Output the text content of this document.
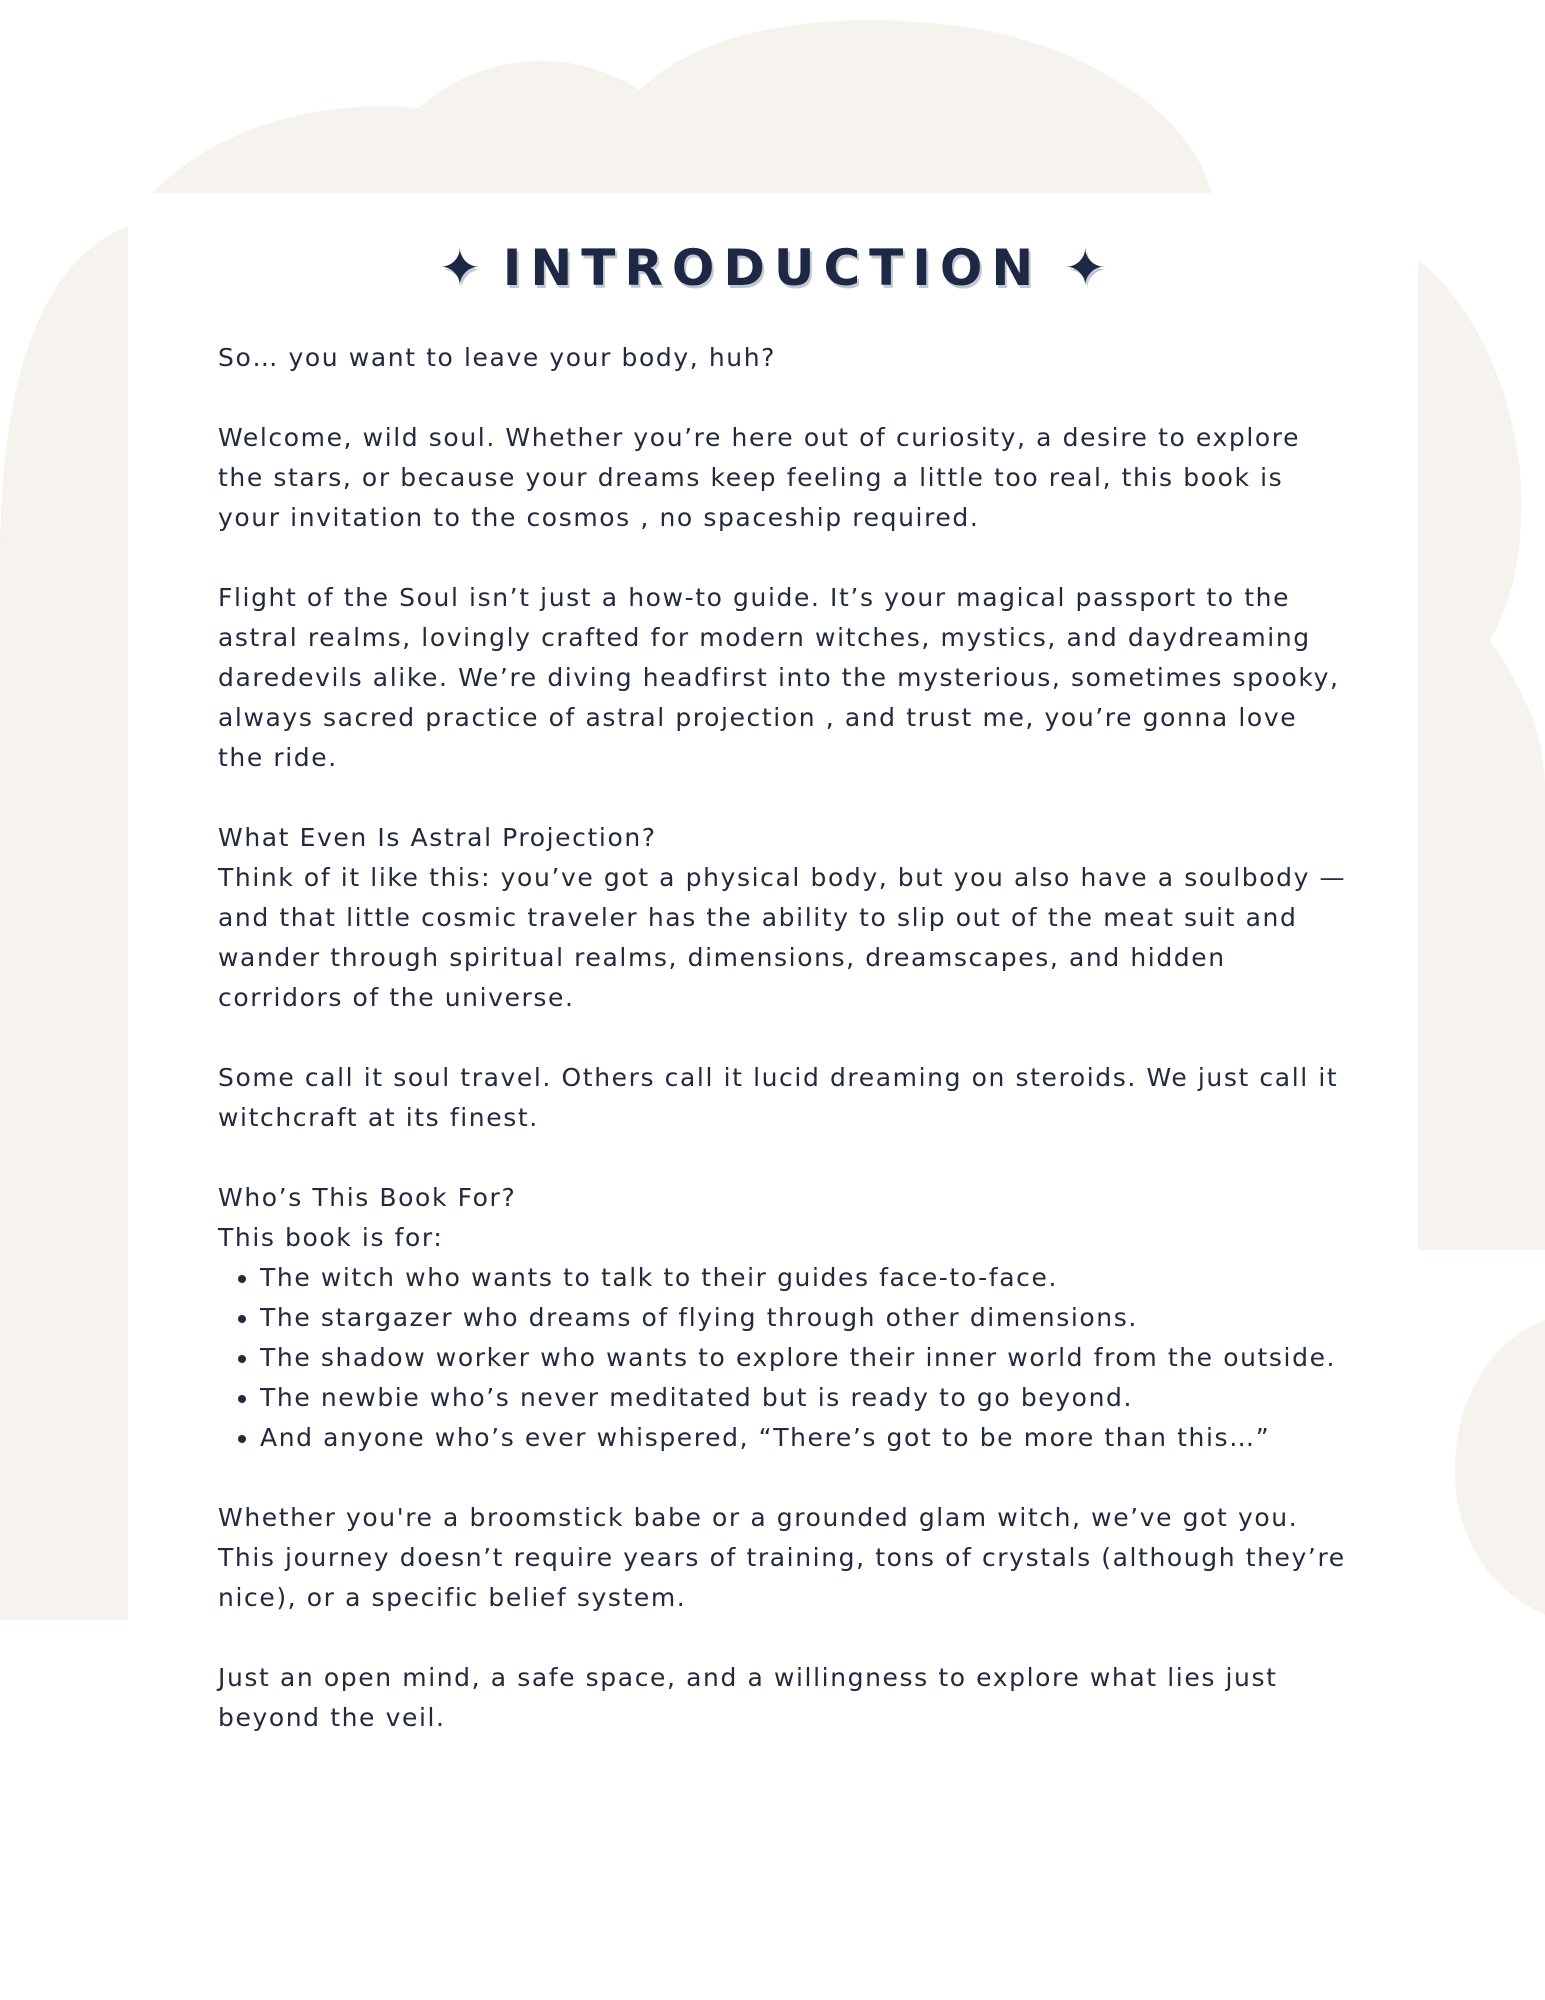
✦ INTRODUCTION ✦

So… you want to leave your body, huh?

Welcome, wild soul. Whether you’re here out of curiosity, a desire to explore the stars, or because your dreams keep feeling a little too real, this book is your invitation to the cosmos , no spaceship required.

Flight of the Soul isn’t just a how-to guide. It’s your magical passport to the astral realms, lovingly crafted for modern witches, mystics, and daydreaming daredevils alike. We’re diving headfirst into the mysterious, sometimes spooky, always sacred practice of astral projection , and trust me, you’re gonna love the ride.

What Even Is Astral Projection?

Think of it like this: you’ve got a physical body, but you also have a soulbody — and that little cosmic traveler has the ability to slip out of the meat suit and wander through spiritual realms, dimensions, dreamscapes, and hidden corridors of the universe.

Some call it soul travel. Others call it lucid dreaming on steroids. We just call it witchcraft at its finest.

Who’s This Book For?

This book is for:

• The witch who wants to talk to their guides face-to-face.
• The stargazer who dreams of flying through other dimensions.
• The shadow worker who wants to explore their inner world from the outside.
• The newbie who’s never meditated but is ready to go beyond.
• And anyone who’s ever whispered, “There’s got to be more than this…”

Whether you're a broomstick babe or a grounded glam witch, we’ve got you. This journey doesn’t require years of training, tons of crystals (although they’re nice), or a specific belief system.

Just an open mind, a safe space, and a willingness to explore what lies just beyond the veil.
